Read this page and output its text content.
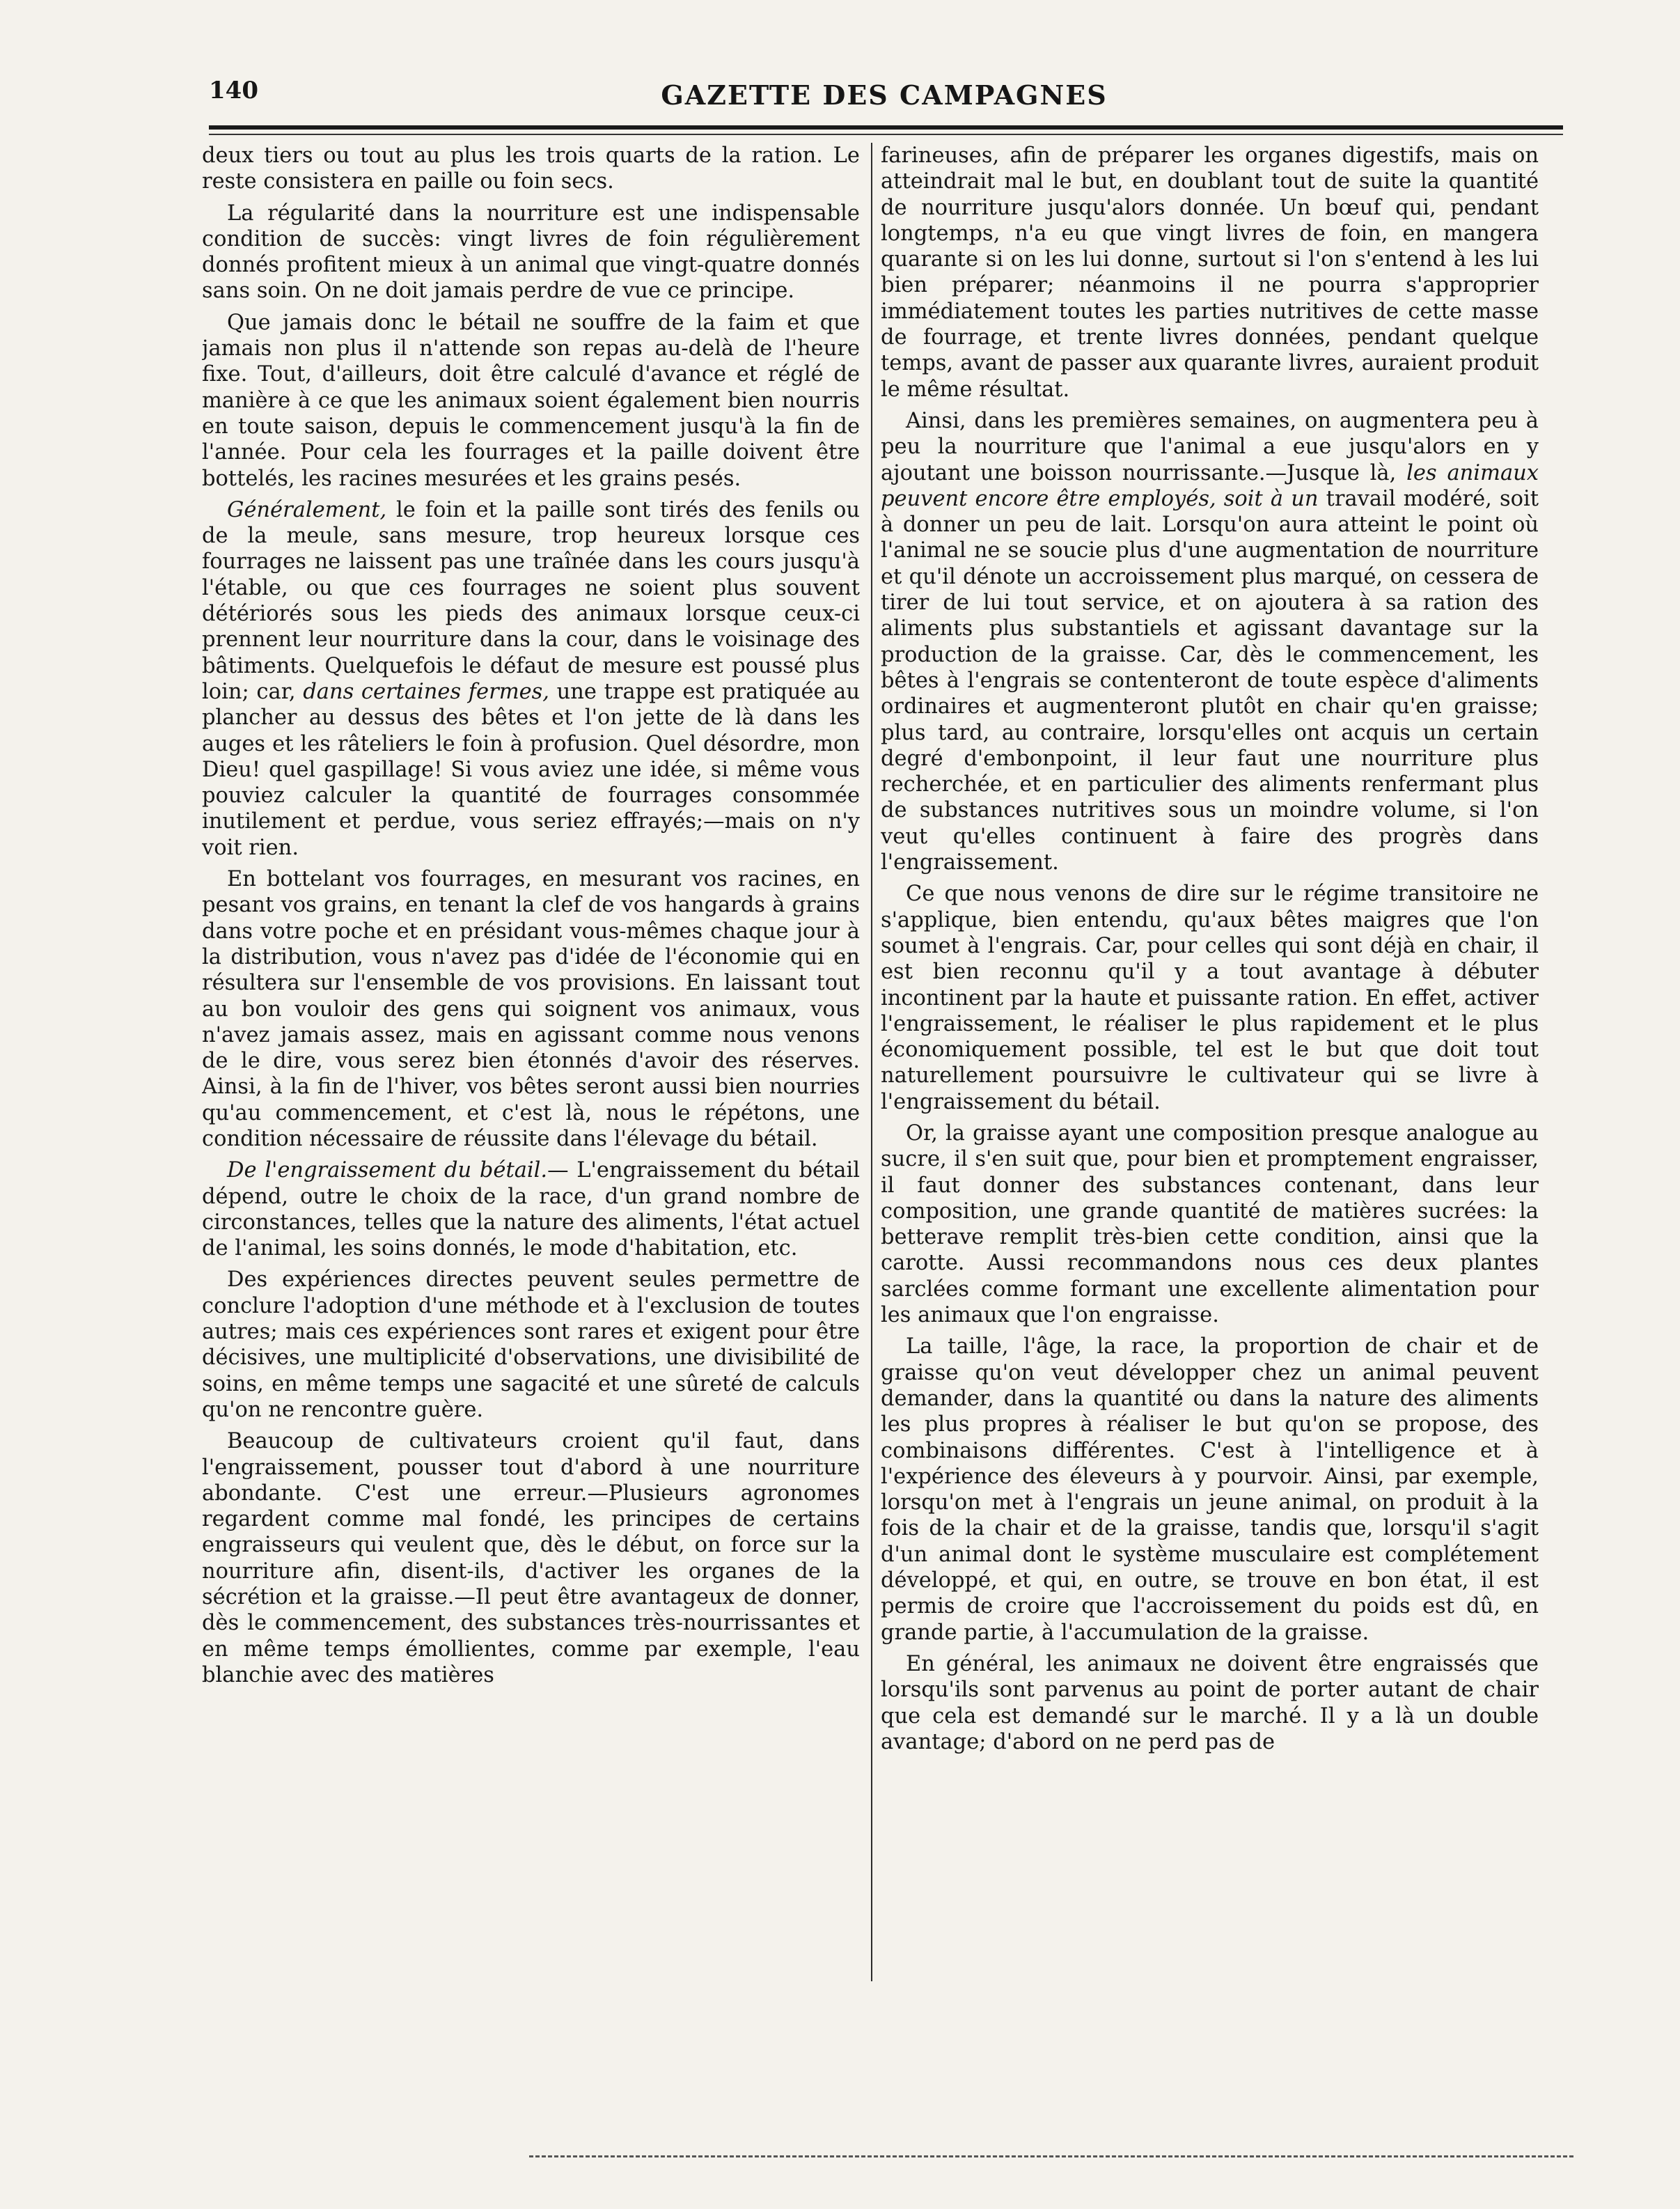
140	GAZETTE DES CAMPAGNES

deux tiers ou tout au plus les trois quarts de la ration. Le reste consistera en paille ou foin secs.

La régularité dans la nourriture est une indispensable condition de succès: vingt livres de foin régulièrement donnés profitent mieux à un animal que vingt-quatre donnés sans soin. On ne doit jamais perdre de vue ce principe.

Que jamais donc le bétail ne souffre de la faim et que jamais non plus il n'attende son repas au-delà de l'heure fixe. Tout, d'ailleurs, doit être calculé d'avance et réglé de manière à ce que les animaux soient également bien nourris en toute saison, depuis le commencement jusqu'à la fin de l'année. Pour cela les fourrages et la paille doivent être bottelés, les racines mesurées et les grains pesés.

Généralement, le foin et la paille sont tirés des fenils ou de la meule, sans mesure, trop heureux lorsque ces fourrages ne laissent pas une traînée dans les cours jusqu'à l'étable, ou que ces fourrages ne soient plus souvent détériorés sous les pieds des animaux lorsque ceux-ci prennent leur nourriture dans la cour, dans le voisinage des bâtiments. Quelquefois le défaut de mesure est poussé plus loin; car, dans certaines fermes, une trappe est pratiquée au plancher au dessus des bêtes et l'on jette de là dans les auges et les râteliers le foin à profusion. Quel désordre, mon Dieu! quel gaspillage! Si vous aviez une idée, si même vous pouviez calculer la quantité de fourrages consommée inutilement et perdue, vous seriez effrayés;—mais on n'y voit rien.

En bottelant vos fourrages, en mesurant vos racines, en pesant vos grains, en tenant la clef de vos hangards à grains dans votre poche et en présidant vous-mêmes chaque jour à la distribution, vous n'avez pas d'idée de l'économie qui en résultera sur l'ensemble de vos provisions. En laissant tout au bon vouloir des gens qui soignent vos animaux, vous n'avez jamais assez, mais en agissant comme nous venons de le dire, vous serez bien étonnés d'avoir des réserves. Ainsi, à la fin de l'hiver, vos bêtes seront aussi bien nourries qu'au commencement, et c'est là, nous le répétons, une condition nécessaire de réussite dans l'élevage du bétail.

De l'engraissement du bétail.— L'engraissement du bétail dépend, outre le choix de la race, d'un grand nombre de circonstances, telles que la nature des aliments, l'état actuel de l'animal, les soins donnés, le mode d'habitation, etc.

Des expériences directes peuvent seules permettre de conclure l'adoption d'une méthode et à l'exclusion de toutes autres; mais ces expériences sont rares et exigent pour être décisives, une multiplicité d'observations, une divisibilité de soins, en même temps une sagacité et une sûreté de calculs qu'on ne rencontre guère.

Beaucoup de cultivateurs croient qu'il faut, dans l'engraissement, pousser tout d'abord à une nourriture abondante. C'est une erreur.—Plusieurs agronomes regardent comme mal fondé, les principes de certains engraisseurs qui veulent que, dès le début, on force sur la nourriture afin, disent-ils, d'activer les organes de la sécrétion et la graisse.—Il peut être avantageux de donner, dès le commencement, des substances très-nourrissantes et en même temps émollientes, comme par exemple, l'eau blanchie avec des matières

farineuses, afin de préparer les organes digestifs, mais on atteindrait mal le but, en doublant tout de suite la quantité de nourriture jusqu'alors donnée. Un bœuf qui, pendant longtemps, n'a eu que vingt livres de foin, en mangera quarante si on les lui donne, surtout si l'on s'entend à les lui bien préparer; néanmoins il ne pourra s'approprier immédiatement toutes les parties nutritives de cette masse de fourrage, et trente livres données, pendant quelque temps, avant de passer aux quarante livres, auraient produit le même résultat.

Ainsi, dans les premières semaines, on augmentera peu à peu la nourriture que l'animal a eue jusqu'alors en y ajoutant une boisson nourrissante.—Jusque là, les animaux peuvent encore être employés, soit à un travail modéré, soit à donner un peu de lait. Lorsqu'on aura atteint le point où l'animal ne se soucie plus d'une augmentation de nourriture et qu'il dénote un accroissement plus marqué, on cessera de tirer de lui tout service, et on ajoutera à sa ration des aliments plus substantiels et agissant davantage sur la production de la graisse. Car, dès le commencement, les bêtes à l'engrais se contenteront de toute espèce d'aliments ordinaires et augmenteront plutôt en chair qu'en graisse; plus tard, au contraire, lorsqu'elles ont acquis un certain degré d'embonpoint, il leur faut une nourriture plus recherchée, et en particulier des aliments renfermant plus de substances nutritives sous un moindre volume, si l'on veut qu'elles continuent à faire des progrès dans l'engraissement.

Ce que nous venons de dire sur le régime transitoire ne s'applique, bien entendu, qu'aux bêtes maigres que l'on soumet à l'engrais. Car, pour celles qui sont déjà en chair, il est bien reconnu qu'il y a tout avantage à débuter incontinent par la haute et puissante ration. En effet, activer l'engraissement, le réaliser le plus rapidement et le plus économiquement possible, tel est le but que doit tout naturellement poursuivre le cultivateur qui se livre à l'engraissement du bétail.

Or, la graisse ayant une composition presque analogue au sucre, il s'en suit que, pour bien et promptement engraisser, il faut donner des substances contenant, dans leur composition, une grande quantité de matières sucrées: la betterave remplit très-bien cette condition, ainsi que la carotte. Aussi recommandons nous ces deux plantes sarclées comme formant une excellente alimentation pour les animaux que l'on engraisse.

La taille, l'âge, la race, la proportion de chair et de graisse qu'on veut développer chez un animal peuvent demander, dans la quantité ou dans la nature des aliments les plus propres à réaliser le but qu'on se propose, des combinaisons différentes. C'est à l'intelligence et à l'expérience des éleveurs à y pourvoir. Ainsi, par exemple, lorsqu'on met à l'engrais un jeune animal, on produit à la fois de la chair et de la graisse, tandis que, lorsqu'il s'agit d'un animal dont le système musculaire est complétement développé, et qui, en outre, se trouve en bon état, il est permis de croire que l'accroissement du poids est dû, en grande partie, à l'accumulation de la graisse.

En général, les animaux ne doivent être engraissés que lorsqu'ils sont parvenus au point de porter autant de chair que cela est demandé sur le marché. Il y a là un double avantage; d'abord on ne perd pas de
